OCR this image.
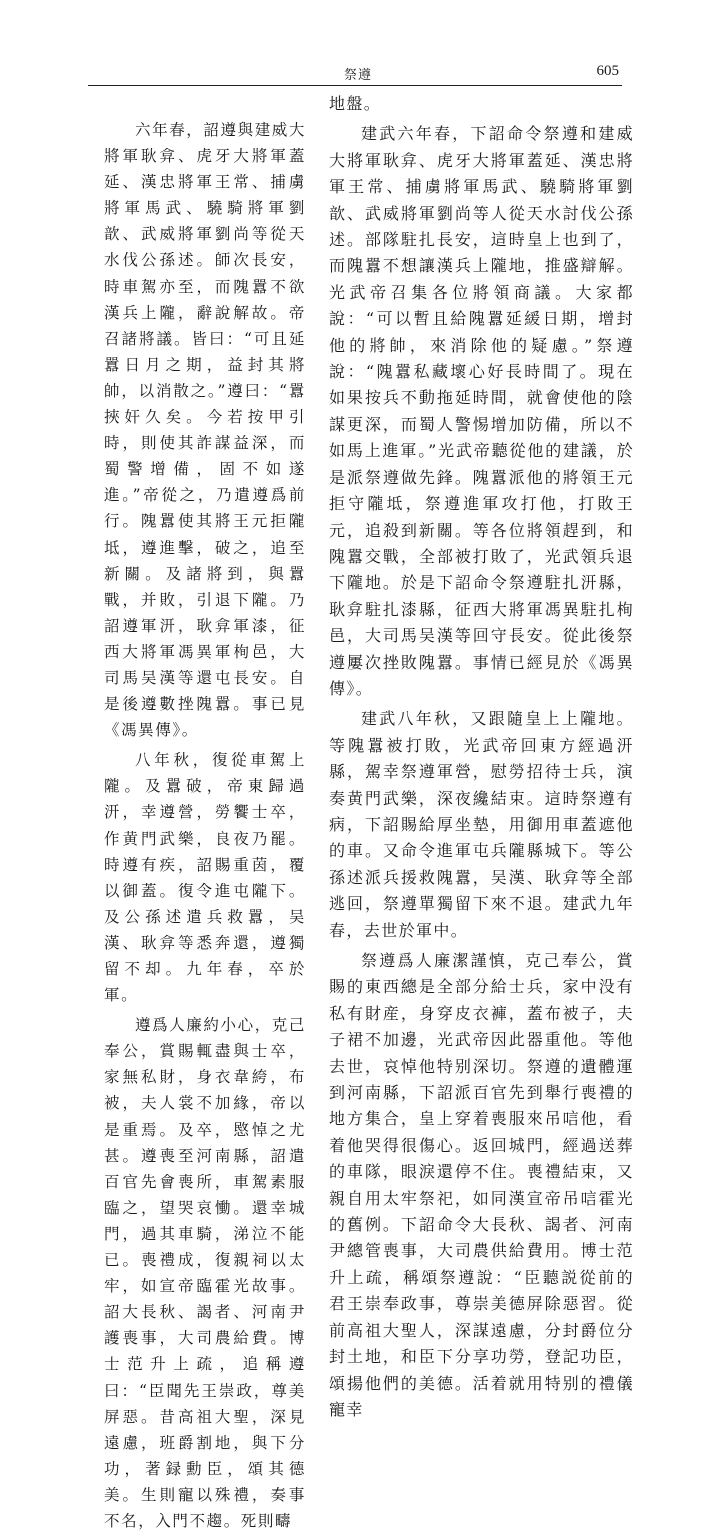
祭遵	605

六年春，詔遵與建威大將軍耿弇、虎牙大將軍蓋延、漢忠將軍王常、捕虜將軍馬武、驍騎將軍劉歆、武威將軍劉尚等從天水伐公孫述。師次長安，時車駕亦至，而隗囂不欲漢兵上隴，辭說解故。帝召諸將議。皆曰：“可且延囂日月之期，益封其將帥，以消散之。”遵曰：“囂挾奸久矣。今若按甲引時，則使其詐謀益深，而蜀警增備，固不如遂進。”帝從之，乃遣遵爲前行。隗囂使其將王元拒隴坻，遵進擊，破之，追至新關。及諸將到，與囂戰，并敗，引退下隴。乃詔遵軍汧，耿弇軍漆，征西大將軍馮異軍栒邑，大司馬吴漢等還屯長安。自是後遵數挫隗囂。事已見《馮異傳》。

八年秋，復從車駕上隴。及囂破，帝東歸過汧，幸遵營，勞饗士卒，作黄門武樂，良夜乃罷。時遵有疾，詔賜重茵，覆以御蓋。復令進屯隴下。及公孫述遣兵救囂，吴漢、耿弇等悉奔還，遵獨留不却。九年春，卒於軍。

遵爲人廉約小心，克己奉公，賞賜輒盡與士卒，家無私財，身衣韋絝，布被，夫人裳不加緣，帝以是重焉。及卒，愍悼之尤甚。遵喪至河南縣，詔遣百官先會喪所，車駕素服臨之，望哭哀慟。還幸城門，過其車騎，涕泣不能已。喪禮成，復親祠以太牢，如宣帝臨霍光故事。詔大長秋、謁者、河南尹護喪事，大司農給費。博士范升上疏，追稱遵曰：“臣聞先王崇政，尊美屏惡。昔高祖大聖，深見遠慮，班爵割地，與下分功，著録勳臣，頌其德美。生則寵以殊禮，奏事不名，入門不趨。死則疇

地盤。

建武六年春，下詔命令祭遵和建威大將軍耿弇、虎牙大將軍蓋延、漢忠將軍王常、捕虜將軍馬武、驍騎將軍劉歆、武威將軍劉尚等人從天水討伐公孫述。部隊駐扎長安，這時皇上也到了，而隗囂不想讓漢兵上隴地，推盛辯解。光武帝召集各位將領商議。大家都說：“可以暫且給隗囂延緩日期，增封他的將帥，來消除他的疑慮。”祭遵說：“隗囂私藏壞心好長時間了。現在如果按兵不動拖延時間，就會使他的陰謀更深，而蜀人警惕增加防備，所以不如馬上進軍。”光武帝聽從他的建議，於是派祭遵做先鋒。隗囂派他的將領王元拒守隴坻，祭遵進軍攻打他，打敗王元，追殺到新關。等各位將領趕到，和隗囂交戰，全部被打敗了，光武領兵退下隴地。於是下詔命令祭遵駐扎汧縣，耿弇駐扎漆縣，征西大將軍馮異駐扎栒邑，大司馬吴漢等回守長安。從此後祭遵屢次挫敗隗囂。事情已經見於《馮異傳》。

建武八年秋，又跟隨皇上上隴地。等隗囂被打敗，光武帝回東方經過汧縣，駕幸祭遵軍營，慰勞招待士兵，演奏黄門武樂，深夜纔結束。這時祭遵有病，下詔賜給厚坐墊，用御用車蓋遮他的車。又命令進軍屯兵隴縣城下。等公孫述派兵援救隗囂，吴漢、耿弇等全部逃回，祭遵單獨留下來不退。建武九年春，去世於軍中。

祭遵爲人廉潔謹慎，克己奉公，賞賜的東西總是全部分給士兵，家中没有私有財産，身穿皮衣褲，蓋布被子，夫子裙不加邊，光武帝因此器重他。等他去世，哀悼他特别深切。祭遵的遺體運到河南縣，下詔派百官先到舉行喪禮的地方集合，皇上穿着喪服來吊唁他，看着他哭得很傷心。返回城門，經過送葬的車隊，眼淚還停不住。喪禮結束，又親自用太牢祭祀，如同漢宣帝吊唁霍光的舊例。下詔命令大長秋、謁者、河南尹總管喪事，大司農供給費用。博士范升上疏，稱頌祭遵說：“臣聽説從前的君王崇奉政事，尊崇美德屏除惡習。從前高祖大聖人，深謀遠慮，分封爵位分封土地，和臣下分享功勞，登記功臣，頌揚他們的美德。活着就用特别的禮儀寵幸
